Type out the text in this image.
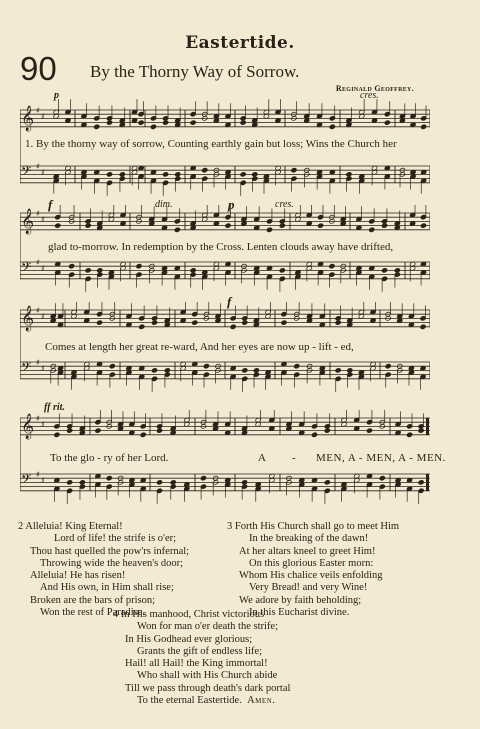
Eastertide.
90 By the Thorny Way of Sorrow.
Reginald Geoffrey.
𝄞 ♯
♯
𝄢 ♯
♯
p	cres.
1. By the thorny way of sorrow, Counting earthly gain but loss; Wins the Church her
𝄞 ♯
♯
𝄢 ♯
♯
f	dim.	p	cres.
glad to-morrow. In redemption by the Cross. Lenten clouds away have drifted,
𝄞 ♯
♯
𝄢 ♯
♯
f
Comes at length her great re-ward, And her eyes are now up - lift - ed,
𝄞 ♯
♯
𝄢 ♯
♯
ff rit.
To the glo - ry of her Lord.	A - MEN, A - MEN, A - MEN.
2 Alleluia! King Eternal!
Lord of life! the strife is o'er;
Thou hast quelled the pow'rs infernal;
Throwing wide the heaven's door;
Alleluia! He has risen!
And His own, in Him shall rise;
Broken are the bars of prison;
Won the rest of Paradise.
3 Forth His Church shall go to meet Him
In the breaking of the dawn!
At her altars kneel to greet Him!
On this glorious Easter morn:
Whom His chalice veils enfolding
Very Bread! and very Wine!
We adore by faith beholding;
In this Eucharist divine.
4 In His manhood, Christ victorious
Won for man o'er death the strife;
In His Godhead ever glorious;
Grants the gift of endless life;
Hail! all Hail! the King immortal!
Who shall with His Church abide
Till we pass through death's dark portal
To the eternal Eastertide. Amen.
